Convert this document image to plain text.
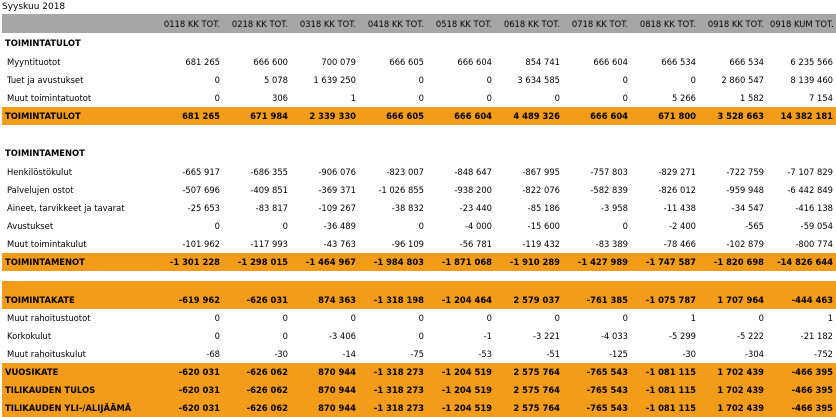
Syyskuu 2018
	0118 KK TOT.	0218 KK TOT.	0318 KK TOT.	0418 KK TOT.	0518 KK TOT.	0618 KK TOT.	0718 KK TOT.	0818 KK TOT.	0918 KK TOT.	0918 KUM TOT.
TOIMINTATULOT										
Myyntituotot	681 265	666 600	700 079	666 605	666 604	854 741	666 604	666 534	666 534	6 235 566
Tuet ja avustukset	0	5 078	1 639 250	0	0	3 634 585	0	0	2 860 547	8 139 460
Muut toimintatuotot	0	306	1	0	0	0	0	5 266	1 582	7 154
TOIMINTATULOT	681 265	671 984	2 339 330	666 605	666 604	4 489 326	666 604	671 800	3 528 663	14 382 181

TOIMINTAMENOT										
Henkilöstökulut	-665 917	-686 355	-906 076	-823 007	-848 647	-867 995	-757 803	-829 271	-722 759	-7 107 829
Palvelujen ostot	-507 696	-409 851	-369 371	-1 026 855	-938 200	-822 076	-582 839	-826 012	-959 948	-6 442 849
Aineet, tarvikkeet ja tavarat	-25 653	-83 817	-109 267	-38 832	-23 440	-85 186	-3 958	-11 438	-34 547	-416 138
Avustukset	0	0	-36 489	0	-4 000	-15 600	0	-2 400	-565	-59 054
Muut toimintakulut	-101 962	-117 993	-43 763	-96 109	-56 781	-119 432	-83 389	-78 466	-102 879	-800 774
TOIMINTAMENOT	-1 301 228	-1 298 015	-1 464 967	-1 984 803	-1 871 068	-1 910 289	-1 427 989	-1 747 587	-1 820 698	-14 826 644

TOIMINTAKATE	-619 962	-626 031	874 363	-1 318 198	-1 204 464	2 579 037	-761 385	-1 075 787	1 707 964	-444 463
Muut rahoitustuotot	0	0	0	0	0	0	0	1	0	1
Korkokulut	0	0	-3 406	0	-1	-3 221	-4 033	-5 299	-5 222	-21 182
Muut rahoituskulut	-68	-30	-14	-75	-53	-51	-125	-30	-304	-752
VUOSIKATE	-620 031	-626 062	870 944	-1 318 273	-1 204 519	2 575 764	-765 543	-1 081 115	1 702 439	-466 395
TILIKAUDEN TULOS	-620 031	-626 062	870 944	-1 318 273	-1 204 519	2 575 764	-765 543	-1 081 115	1 702 439	-466 395
TILIKAUDEN YLI-/ALIJÄÄMÄ	-620 031	-626 062	870 944	-1 318 273	-1 204 519	2 575 764	-765 543	-1 081 115	1 702 439	-466 395
